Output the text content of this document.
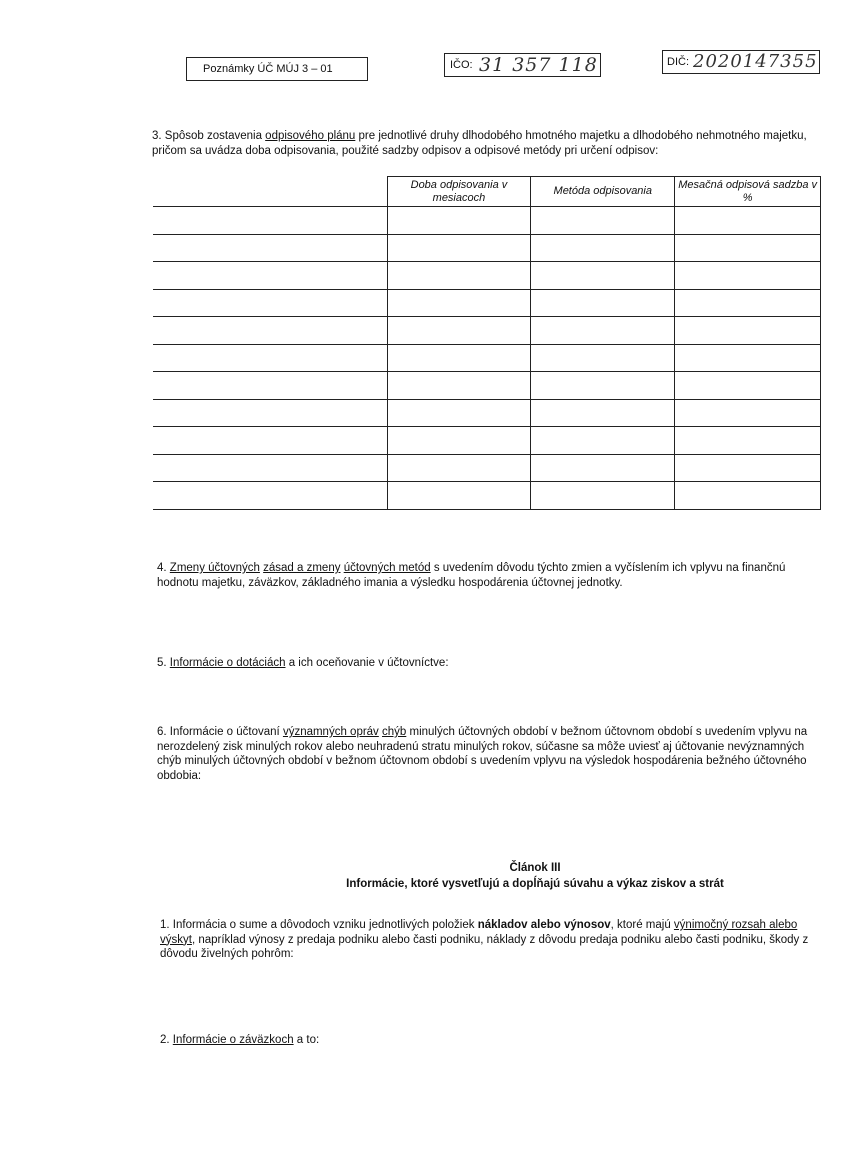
Poznámky ÚČ MÚJ 3 – 01	IČO: 31 357 118	DIČ: 2020147355
3. Spôsob zostavenia odpisového plánu pre jednotlivé druhy dlhodobého hmotného majetku a dlhodobého nehmotného majetku, pričom sa uvádza doba odpisovania, použité sadzby odpisov a odpisové metódy pri určení odpisov:
	Doba odpisovania v mesiacoch	Metóda odpisovania	Mesačná odpisová sadzba v %

4. Zmeny účtovných zásad a zmeny účtovných metód s uvedením dôvodu týchto zmien a vyčíslením ich vplyvu na finančnú hodnotu majetku, záväzkov, základného imania a výsledku hospodárenia účtovnej jednotky.
5. Informácie o dotáciách a ich oceňovanie v účtovníctve:
6. Informácie o účtovaní významných opráv chýb minulých účtovných období v bežnom účtovnom období s uvedením vplyvu na nerozdelený zisk minulých rokov alebo neuhradenú stratu minulých rokov, súčasne sa môže uviesť aj účtovanie nevýznamných chýb minulých účtovných období v bežnom účtovnom období s uvedením vplyvu na výsledok hospodárenia bežného účtovného obdobia:
Článok III
Informácie, ktoré vysvetľujú a dopĺňajú súvahu a výkaz ziskov a strát
1. Informácia o sume a dôvodoch vzniku jednotlivých položiek nákladov alebo výnosov, ktoré majú výnimočný rozsah alebo výskyt, napríklad výnosy z predaja podniku alebo časti podniku, náklady z dôvodu predaja podniku alebo časti podniku, škody z dôvodu živelných pohrôm:
2. Informácie o záväzkoch a to:
